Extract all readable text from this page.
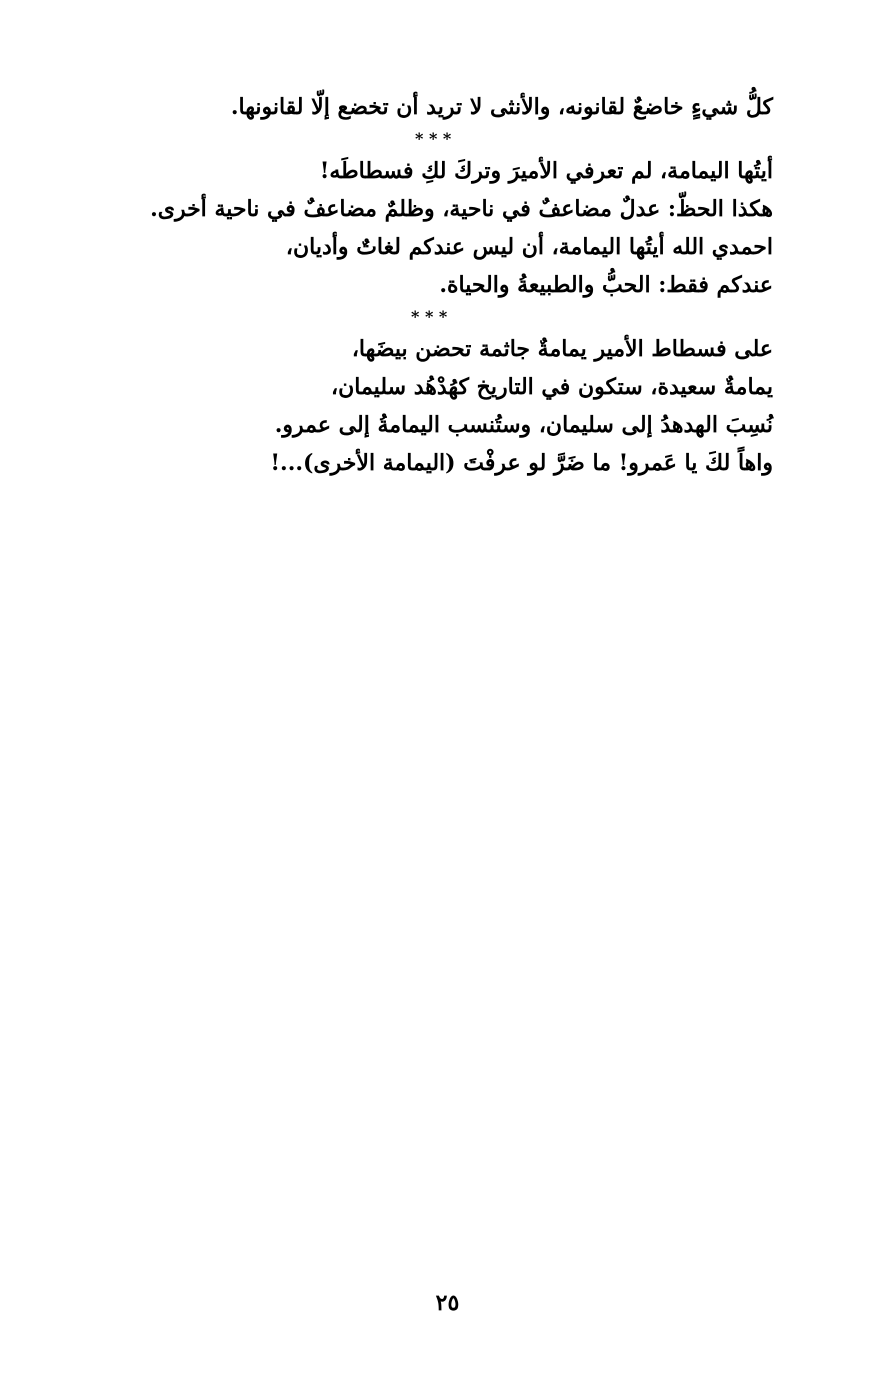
كلُّ شيءٍ خاضعٌ لقانونه، والأنثى لا تريد أن تخضع إلّا لقانونها.
* * *
أيتُها اليمامة، لم تعرفي الأميرَ وتركَ لكِ فسطاطَه!
هكذا الحظّ: عدلٌ مضاعفٌ في ناحية، وظلمٌ مضاعفٌ في ناحية أخرى.
احمدي الله أيتُها اليمامة، أن ليس عندكم لغاتٌ وأديان،
عندكم فقط: الحبُّ والطبيعةُ والحياة.
* * *
على فسطاط الأمير يمامةٌ جاثمة تحضن بيضَها،
يمامةٌ سعيدة، ستكون في التاريخ كهُدْهُد سليمان،
نُسِبَ الهدهدُ إلى سليمان، وستُنسب اليمامةُ إلى عمرو.
واهاً لكَ يا عَمرو! ما ضَرَّ لو عرفْتَ (اليمامة الأخرى)...!
٢٥
